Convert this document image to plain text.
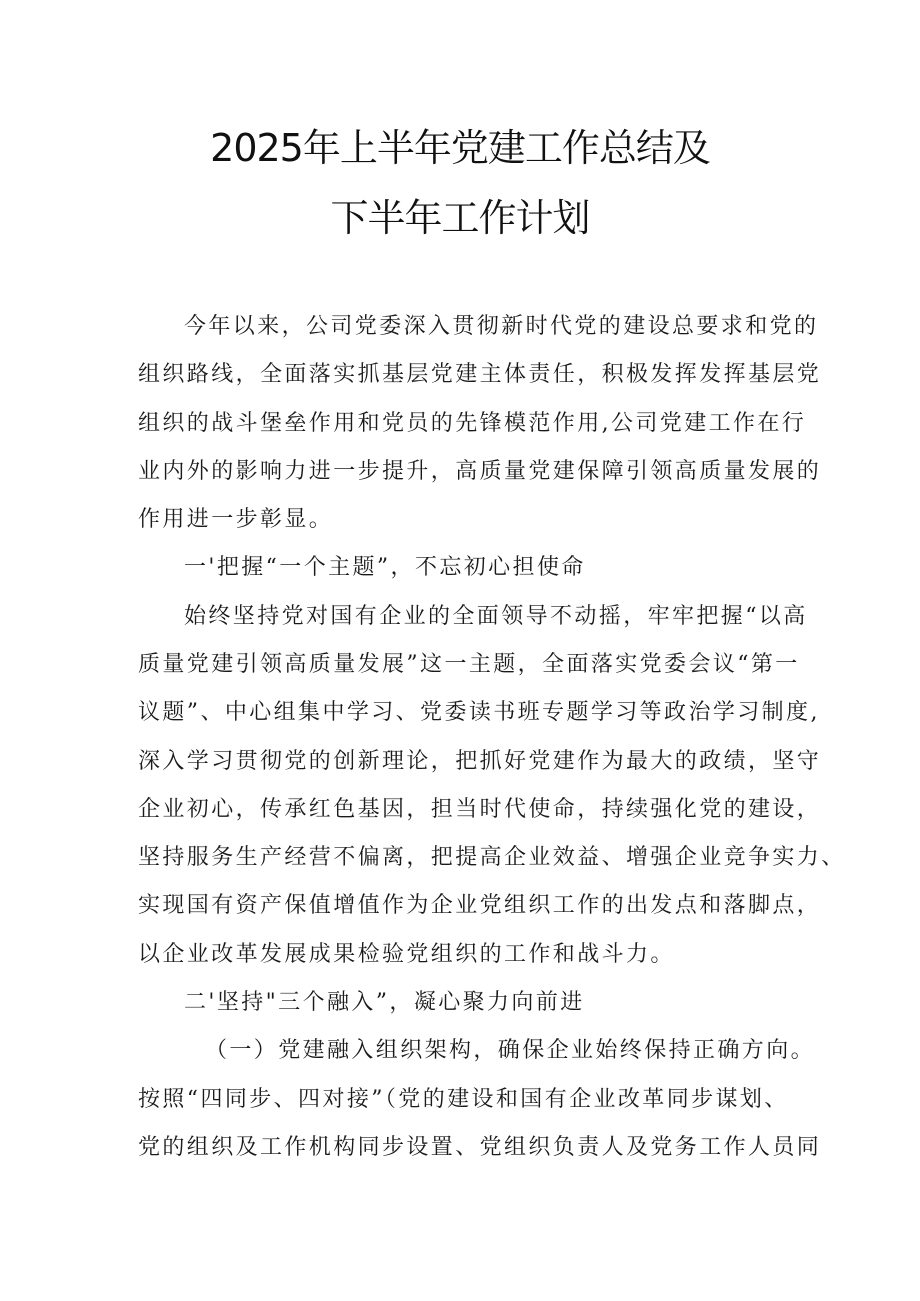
2025年上半年党建工作总结及
下半年工作计划
今年以来，公司党委深入贯彻新时代党的建设总要求和党的
组织路线，全面落实抓基层党建主体责任，积极发挥发挥基层党
组织的战斗堡垒作用和党员的先锋模范作用,公司党建工作在行
业内外的影响力进一步提升，高质量党建保障引领高质量发展的
作用进一步彰显。
一'把握“一个主题”，不忘初心担使命
始终坚持党对国有企业的全面领导不动摇，牢牢把握“以高
质量党建引领高质量发展”这一主题，全面落实党委会议“第一
议题”、中心组集中学习、党委读书班专题学习等政治学习制度,
深入学习贯彻党的创新理论，把抓好党建作为最大的政绩，坚守
企业初心，传承红色基因，担当时代使命，持续强化党的建设，
坚持服务生产经营不偏离，把提高企业效益、增强企业竞争实力、
实现国有资产保值增值作为企业党组织工作的出发点和落脚点，
以企业改革发展成果检验党组织的工作和战斗力。
二'坚持"三个融入”，凝心聚力向前进
（一）党建融入组织架构，确保企业始终保持正确方向。
按照“四同步、四对接”（党的建设和国有企业改革同步谋划、
党的组织及工作机构同步设置、党组织负责人及党务工作人员同
